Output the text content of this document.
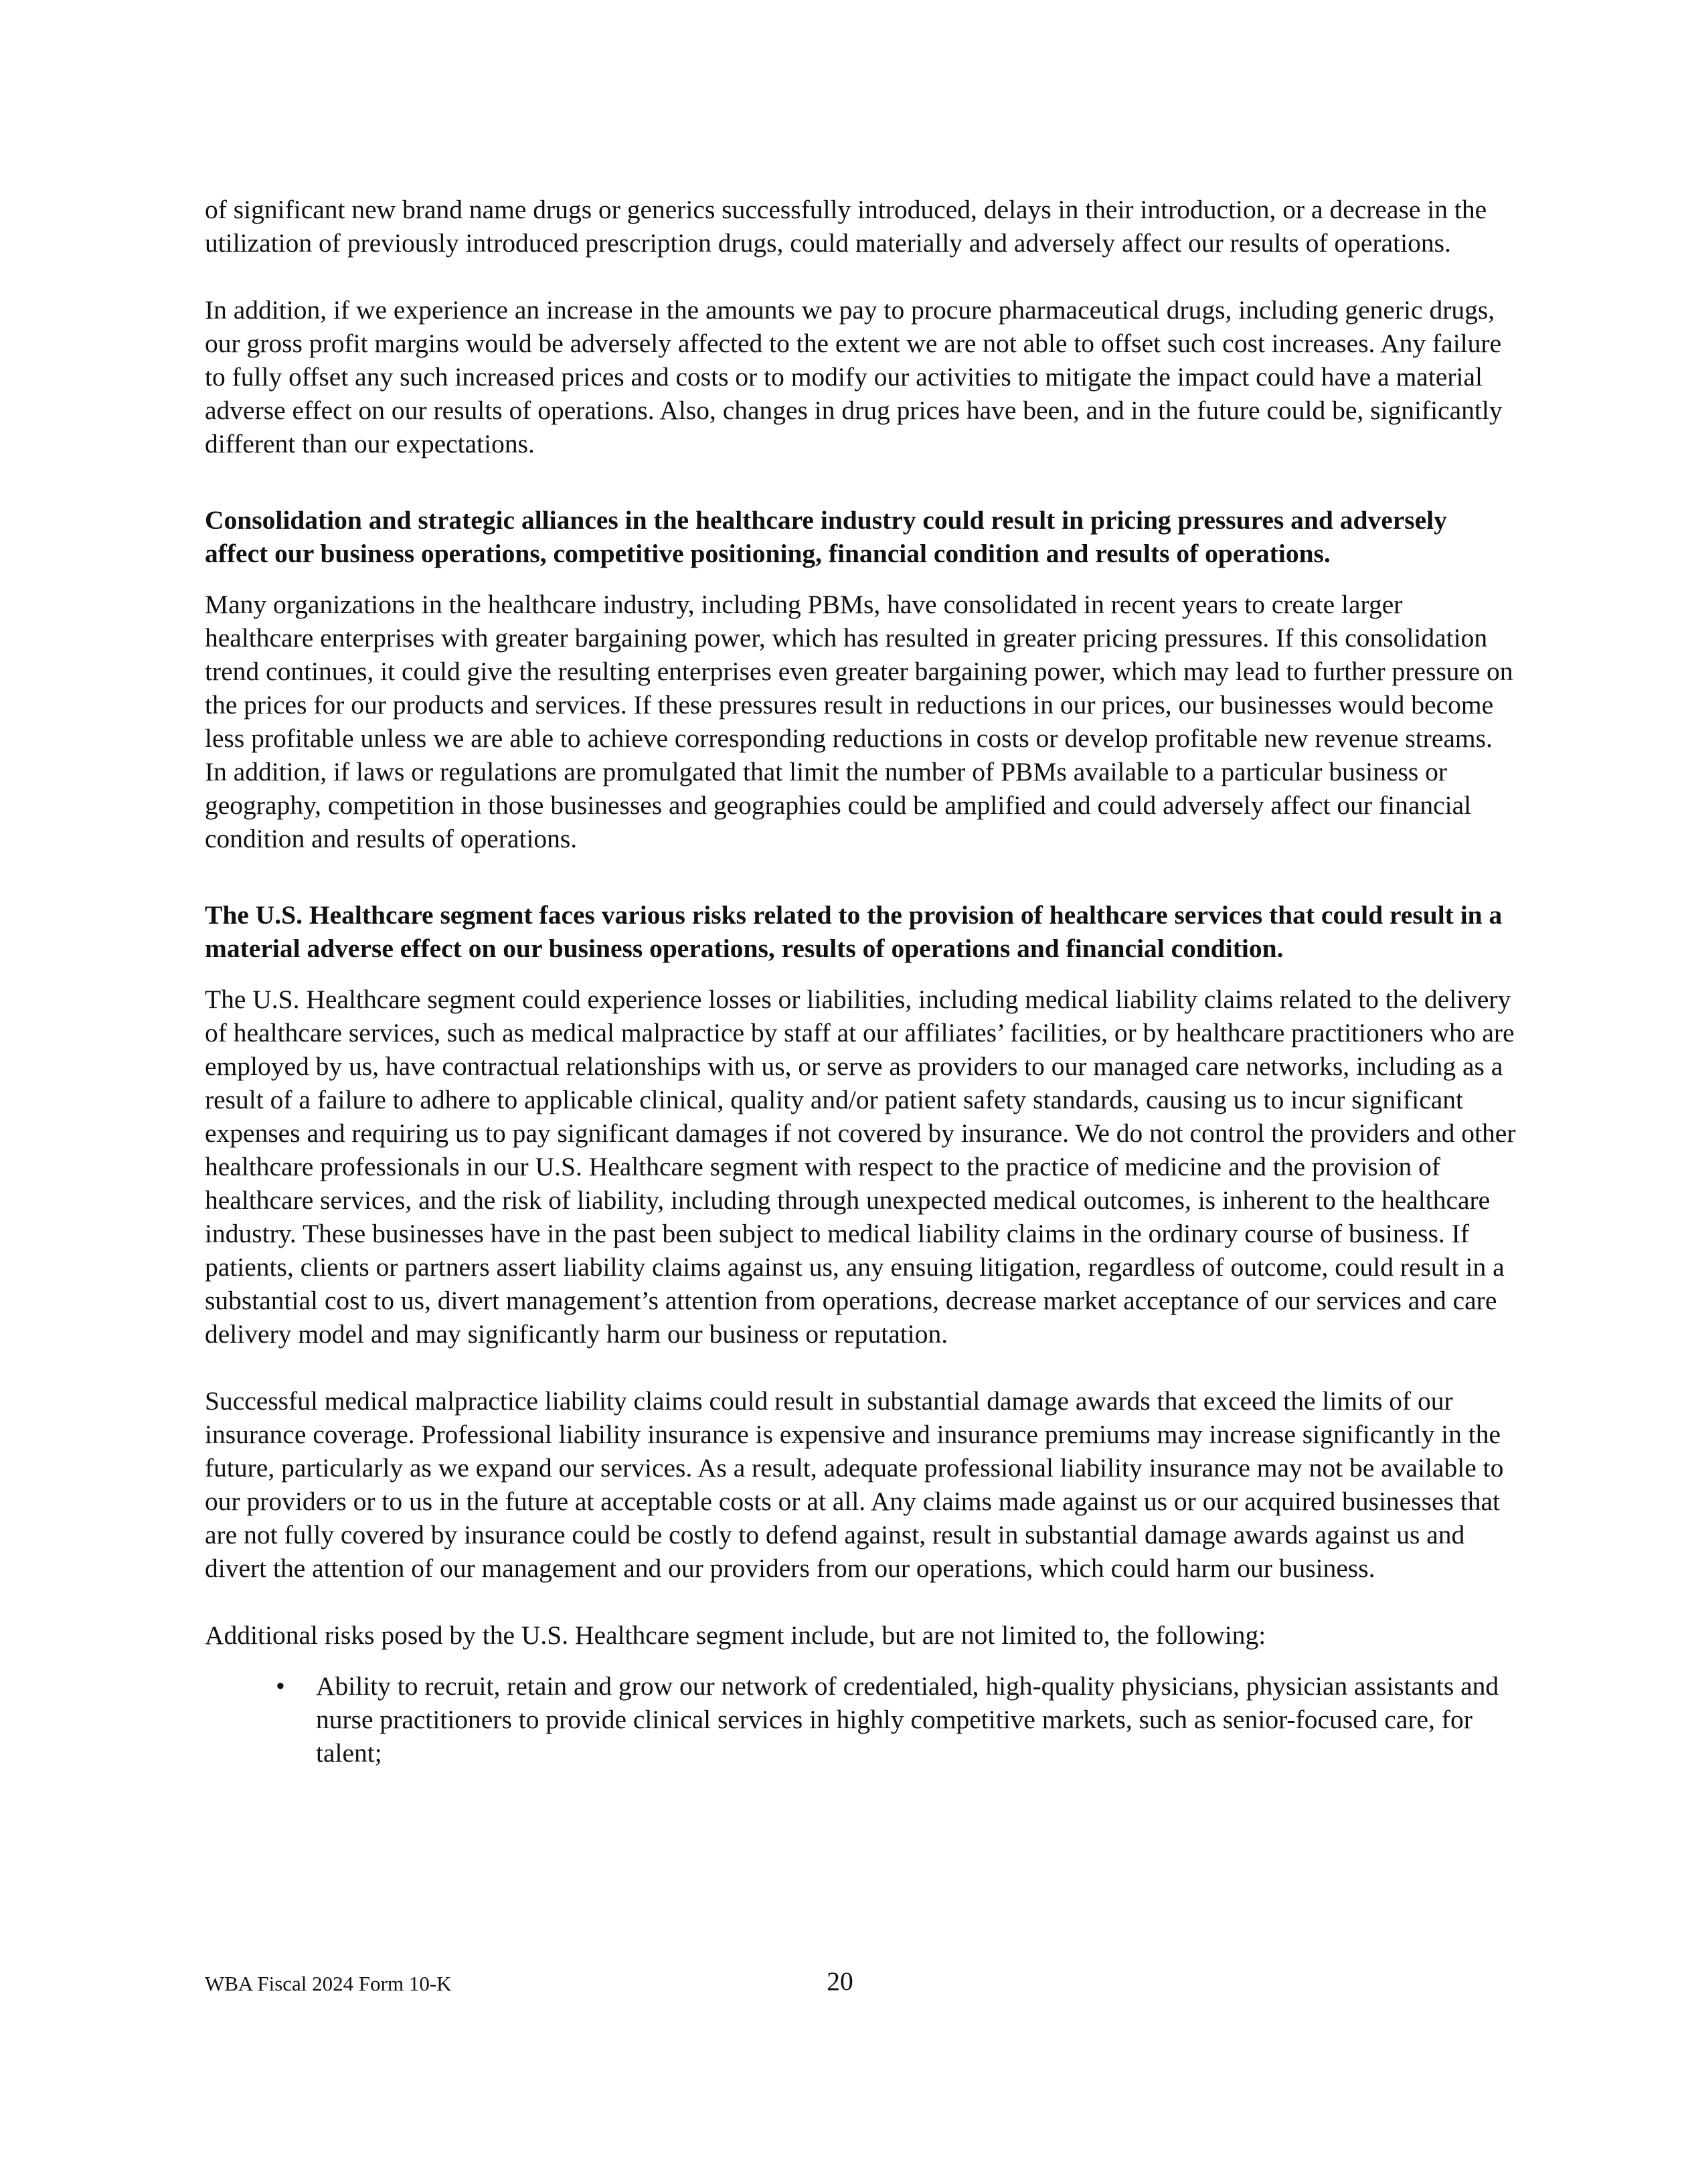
of significant new brand name drugs or generics successfully introduced, delays in their introduction, or a decrease in the utilization of previously introduced prescription drugs, could materially and adversely affect our results of operations.

In addition, if we experience an increase in the amounts we pay to procure pharmaceutical drugs, including generic drugs, our gross profit margins would be adversely affected to the extent we are not able to offset such cost increases. Any failure to fully offset any such increased prices and costs or to modify our activities to mitigate the impact could have a material adverse effect on our results of operations. Also, changes in drug prices have been, and in the future could be, significantly different than our expectations.

Consolidation and strategic alliances in the healthcare industry could result in pricing pressures and adversely affect our business operations, competitive positioning, financial condition and results of operations.

Many organizations in the healthcare industry, including PBMs, have consolidated in recent years to create larger healthcare enterprises with greater bargaining power, which has resulted in greater pricing pressures. If this consolidation trend continues, it could give the resulting enterprises even greater bargaining power, which may lead to further pressure on the prices for our products and services. If these pressures result in reductions in our prices, our businesses would become less profitable unless we are able to achieve corresponding reductions in costs or develop profitable new revenue streams. In addition, if laws or regulations are promulgated that limit the number of PBMs available to a particular business or geography, competition in those businesses and geographies could be amplified and could adversely affect our financial condition and results of operations.

The U.S. Healthcare segment faces various risks related to the provision of healthcare services that could result in a material adverse effect on our business operations, results of operations and financial condition.

The U.S. Healthcare segment could experience losses or liabilities, including medical liability claims related to the delivery of healthcare services, such as medical malpractice by staff at our affiliates’ facilities, or by healthcare practitioners who are employed by us, have contractual relationships with us, or serve as providers to our managed care networks, including as a result of a failure to adhere to applicable clinical, quality and/or patient safety standards, causing us to incur significant expenses and requiring us to pay significant damages if not covered by insurance. We do not control the providers and other healthcare professionals in our U.S. Healthcare segment with respect to the practice of medicine and the provision of healthcare services, and the risk of liability, including through unexpected medical outcomes, is inherent to the healthcare industry. These businesses have in the past been subject to medical liability claims in the ordinary course of business. If patients, clients or partners assert liability claims against us, any ensuing litigation, regardless of outcome, could result in a substantial cost to us, divert management’s attention from operations, decrease market acceptance of our services and care delivery model and may significantly harm our business or reputation.

Successful medical malpractice liability claims could result in substantial damage awards that exceed the limits of our insurance coverage. Professional liability insurance is expensive and insurance premiums may increase significantly in the future, particularly as we expand our services. As a result, adequate professional liability insurance may not be available to our providers or to us in the future at acceptable costs or at all. Any claims made against us or our acquired businesses that are not fully covered by insurance could be costly to defend against, result in substantial damage awards against us and divert the attention of our management and our providers from our operations, which could harm our business.

Additional risks posed by the U.S. Healthcare segment include, but are not limited to, the following:

• Ability to recruit, retain and grow our network of credentialed, high-quality physicians, physician assistants and nurse practitioners to provide clinical services in highly competitive markets, such as senior-focused care, for talent;
WBA Fiscal 2024 Form 10-K	20
